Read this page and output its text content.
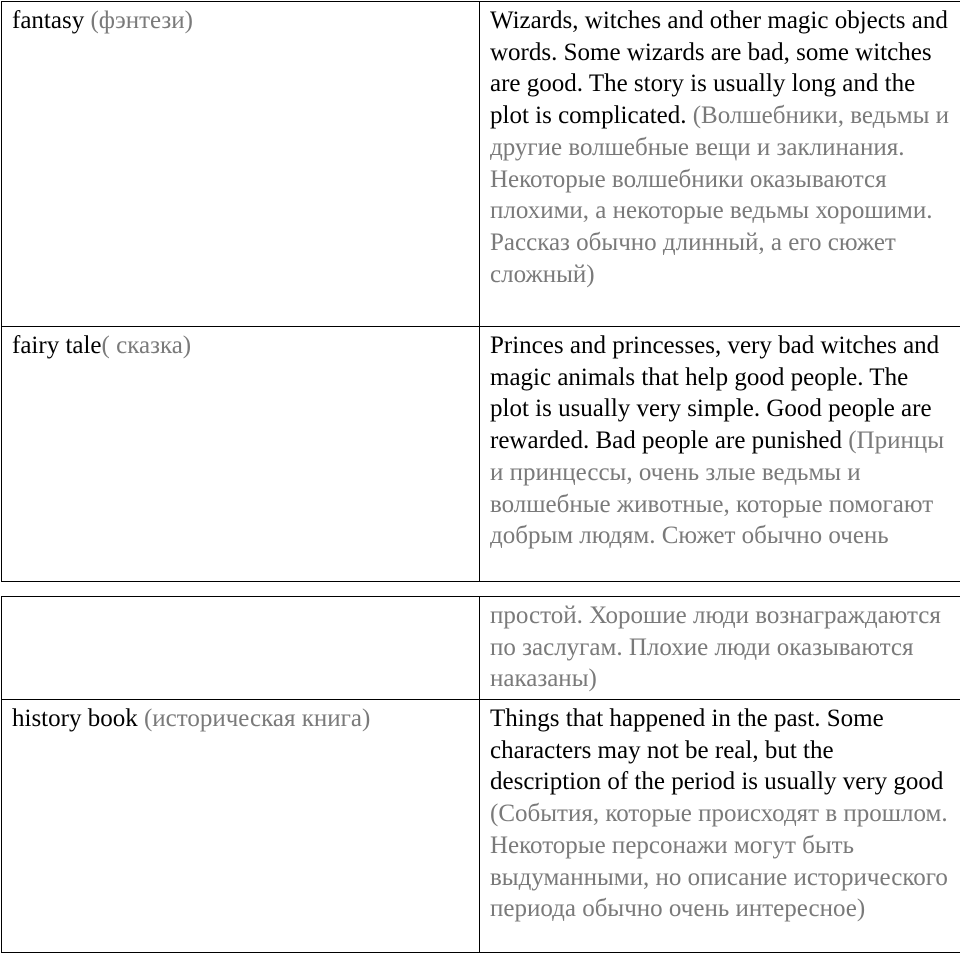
fantasy (фэнтези)	Wizards, witches and other magic objects and words. Some wizards are bad, some witches are good. The story is usually long and the plot is complicated. (Волшебники, ведьмы и другие волшебные вещи и заклинания. Некоторые волшебники оказываются плохими, а некоторые ведьмы хорошими. Рассказ обычно длинный, а его сюжет сложный)
fairy tale( сказка)	Princes and princesses, very bad witches and magic animals that help good people. The plot is usually very simple. Good people are rewarded. Bad people are punished (Принцы и принцессы, очень злые ведьмы и волшебные животные, которые помогают добрым людям. Сюжет обычно очень
	простой. Хорошие люди вознаграждаются по заслугам. Плохие люди оказываются наказаны)
history book (историческая книга)	Things that happened in the past. Some characters may not be real, but the description of the period is usually very good (События, которые происходят в прошлом. Некоторые персонажи могут быть выдуманными, но описание исторического периода обычно очень интересное)
